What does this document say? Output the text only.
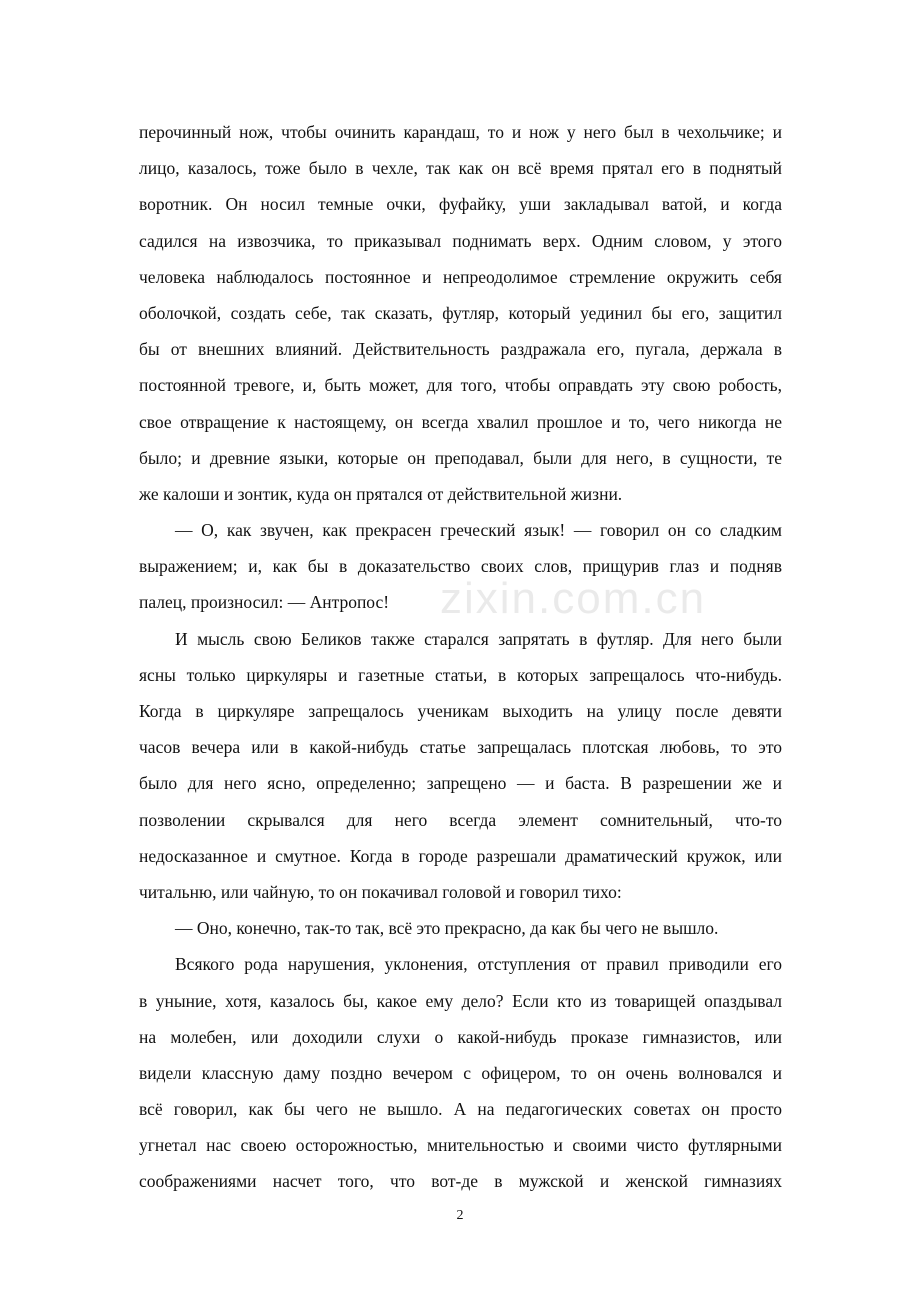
перочинный нож, чтобы очинить карандаш, то и нож у него был в чехольчике; и
лицо, казалось, тоже было в чехле, так как он всё время прятал его в поднятый
воротник. Он носил темные очки, фуфайку, уши закладывал ватой, и когда
садился на извозчика, то приказывал поднимать верх. Одним словом, у этого
человека наблюдалось постоянное и непреодолимое стремление окружить себя
оболочкой, создать себе, так сказать, футляр, который уединил бы его, защитил
бы от внешних влияний. Действительность раздражала его, пугала, держала в
постоянной тревоге, и, быть может, для того, чтобы оправдать эту свою робость,
свое отвращение к настоящему, он всегда хвалил прошлое и то, чего никогда не
было; и древние языки, которые он преподавал, были для него, в сущности, те
же калоши и зонтик, куда он прятался от действительной жизни.
— О, как звучен, как прекрасен греческий язык! — говорил он со сладким
выражением; и, как бы в доказательство своих слов, прищурив глаз и подняв
палец, произносил: — Антропос!
И мысль свою Беликов также старался запрятать в футляр. Для него были
ясны только циркуляры и газетные статьи, в которых запрещалось что-нибудь.
Когда в циркуляре запрещалось ученикам выходить на улицу после девяти
часов вечера или в какой-нибудь статье запрещалась плотская любовь, то это
было для него ясно, определенно; запрещено — и баста. В разрешении же и
позволении скрывался для него всегда элемент сомнительный, что-то
недосказанное и смутное. Когда в городе разрешали драматический кружок, или
читальню, или чайную, то он покачивал головой и говорил тихо:
— Оно, конечно, так-то так, всё это прекрасно, да как бы чего не вышло.
Всякого рода нарушения, уклонения, отступления от правил приводили его
в уныние, хотя, казалось бы, какое ему дело? Если кто из товарищей опаздывал
на молебен, или доходили слухи о какой-нибудь проказе гимназистов, или
видели классную даму поздно вечером с офицером, то он очень волновался и
всё говорил, как бы чего не вышло. А на педагогических советах он просто
угнетал нас своею осторожностью, мнительностью и своими чисто футлярными
соображениями насчет того, что вот-де в мужской и женской гимназиях
zixin.com.cn
2
